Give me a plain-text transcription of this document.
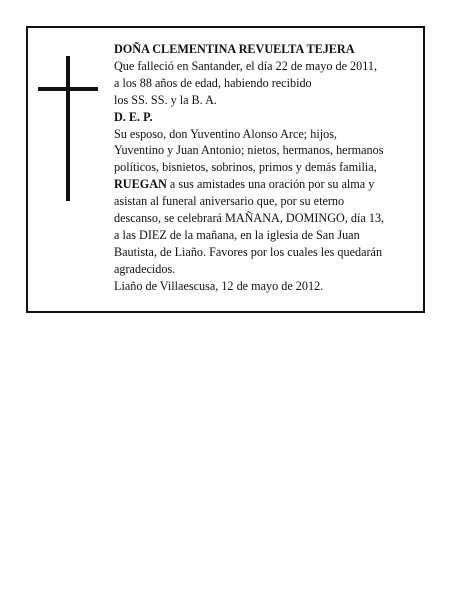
DOÑA CLEMENTINA REVUELTA TEJERA
Que falleció en Santander, el día 22 de mayo de 2011,
a los 88 años de edad, habiendo recibido
los SS. SS. y la B. A.
D. E. P.
Su esposo, don Yuventino Alonso Arce; hijos,
Yuventino y Juan Antonio; nietos, hermanos, hermanos
políticos, bisnietos, sobrinos, primos y demás familia,
RUEGAN a sus amistades una oración por su alma y
asistan al funeral aniversario que, por su eterno
descanso, se celebrará MAÑANA, DOMINGO, día 13,
a las DIEZ de la mañana, en la iglesia de San Juan
Bautista, de Liaño. Favores por los cuales les quedarán
agradecidos.
Liaño de Villaescusa, 12 de mayo de 2012.
